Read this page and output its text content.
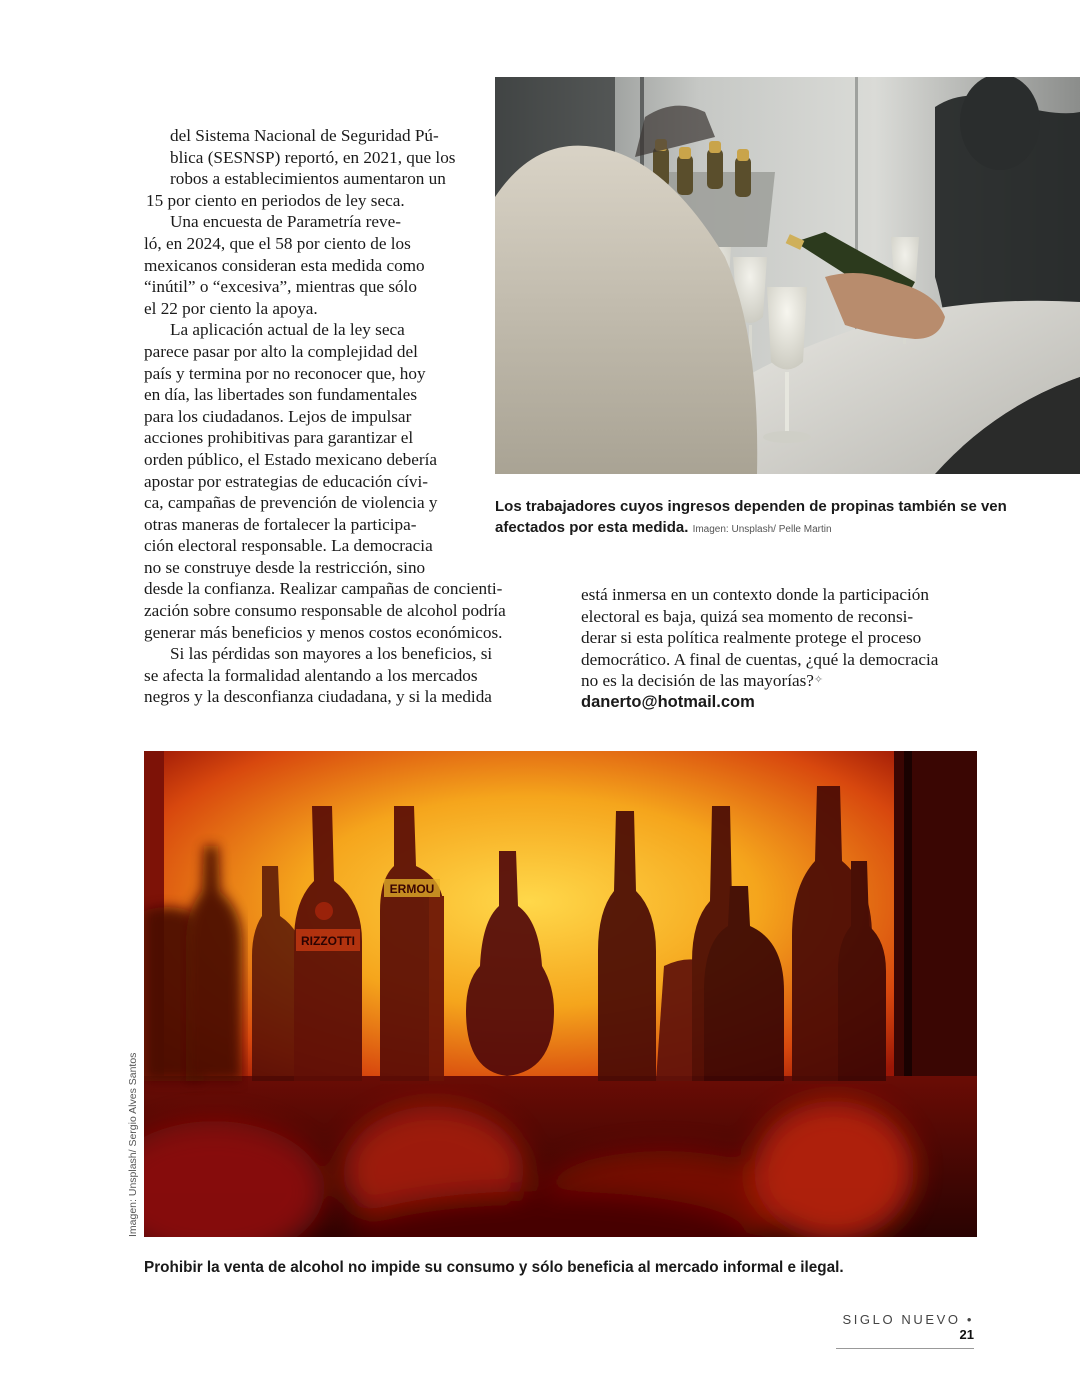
Los trabajadores cuyos ingresos dependen de propinas también se ven afectados por esta medida. Imagen: Unsplash/ Pelle Martin

del Sistema Nacional de Seguridad Pú-
blica (SESNSP) reportó, en 2021, que los
robos a establecimientos aumentaron un
15 por ciento en periodos de ley seca.
Una encuesta de Parametría reve-
ló, en 2024, que el 58 por ciento de los
mexicanos consideran esta medida como
“inútil” o “excesiva”, mientras que sólo
el 22 por ciento la apoya.
La aplicación actual de la ley seca
parece pasar por alto la complejidad del
país y termina por no reconocer que, hoy
en día, las libertades son fundamentales
para los ciudadanos. Lejos de impulsar
acciones prohibitivas para garantizar el
orden público, el Estado mexicano debería
apostar por estrategias de educación cívi-
ca, campañas de prevención de violencia y
otras maneras de fortalecer la participa-
ción electoral responsable. La democracia
no se construye desde la restricción, sino
desde la confianza. Realizar campañas de concienti-
zación sobre consumo responsable de alcohol podría
generar más beneficios y menos costos económicos.
Si las pérdidas son mayores a los beneficios, si
se afecta la formalidad alentando a los mercados
negros y la desconfianza ciudadana, y si la medida
está inmersa en un contexto donde la participación
electoral es baja, quizá sea momento de reconsi-
derar si esta política realmente protege el proceso
democrático. A final de cuentas, ¿qué la democracia
no es la decisión de las mayorías?✧
danerto@hotmail.com
RIZZOTTI
ERMOU
Imagen: Unsplash/ Sergio Alves Santos

Prohibir la venta de alcohol no impide su consumo y sólo beneficia al mercado informal e ilegal.

SIGLO NUEVO • 21
